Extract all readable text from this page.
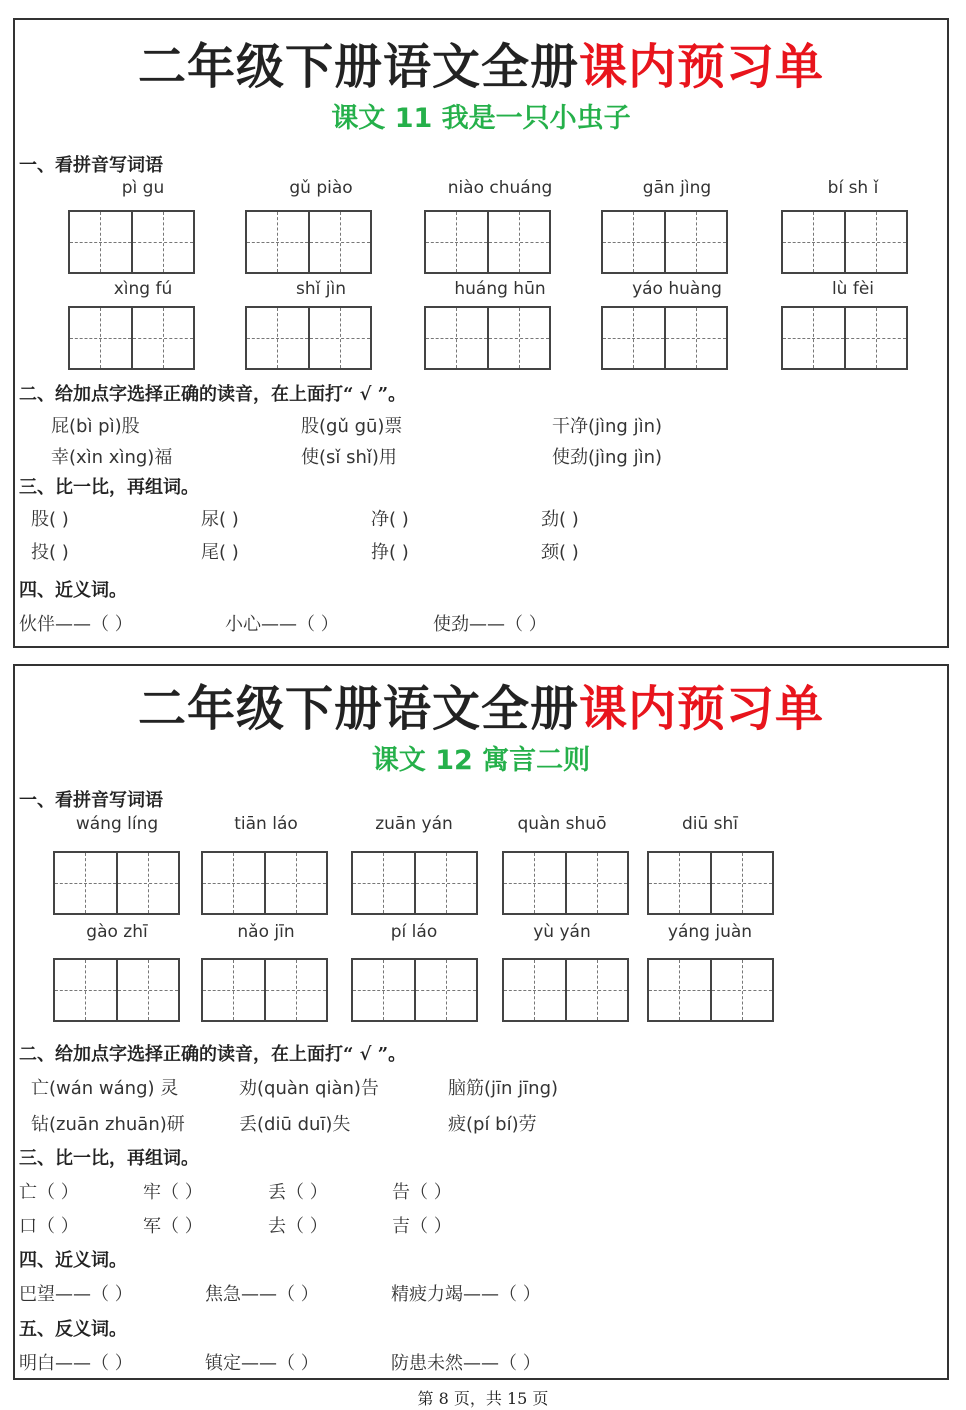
二年级下册语文全册课内预习单
课文 11 我是一只小虫子
一、看拼音写词语
pì gu	gǔ piào	niào chuáng	gān jìng	bí sh ǐ
xìng fú	shǐ jìn	huáng hūn	yáo huàng	lù fèi
二、给加点字选择正确的读音，在上面打“ √ ”。
屁(bì pì)股	股(gǔ gū)票	干净(jìng jìn)
幸(xìn xìng)福	使(sǐ shǐ)用	使劲(jìng jìn)
三、比一比，再组词。
股( )	尿( )	净( )	劲( )
投( )	尾( )	挣( )	颈( )
四、近义词。
伙伴——（ ）	小心——（ ）	使劲——（ ）
二年级下册语文全册课内预习单
课文 12 寓言二则
一、看拼音写词语
wáng líng	tiān láo	zuān yán	quàn shuō	diū shī
gào zhī	nǎo jīn	pí láo	yù yán	yáng juàn
二、给加点字选择正确的读音，在上面打“ √ ”。
亡(wán wáng) 灵	劝(quàn qiàn)告	脑筋(jīn jīng)
钻(zuān zhuān)研	丢(diū duī)失	疲(pí bí)劳
三、比一比，再组词。
亡（ ）	牢（ ）	丢（ ）	告（ ）
口（ ）	军（ ）	去（ ）	吉（ ）
四、近义词。
巴望——（ ）	焦急——（ ）	精疲力竭——（ ）
五、反义词。
明白——（ ）	镇定——（ ）	防患未然——（ ）
第 8 页，共 15 页
